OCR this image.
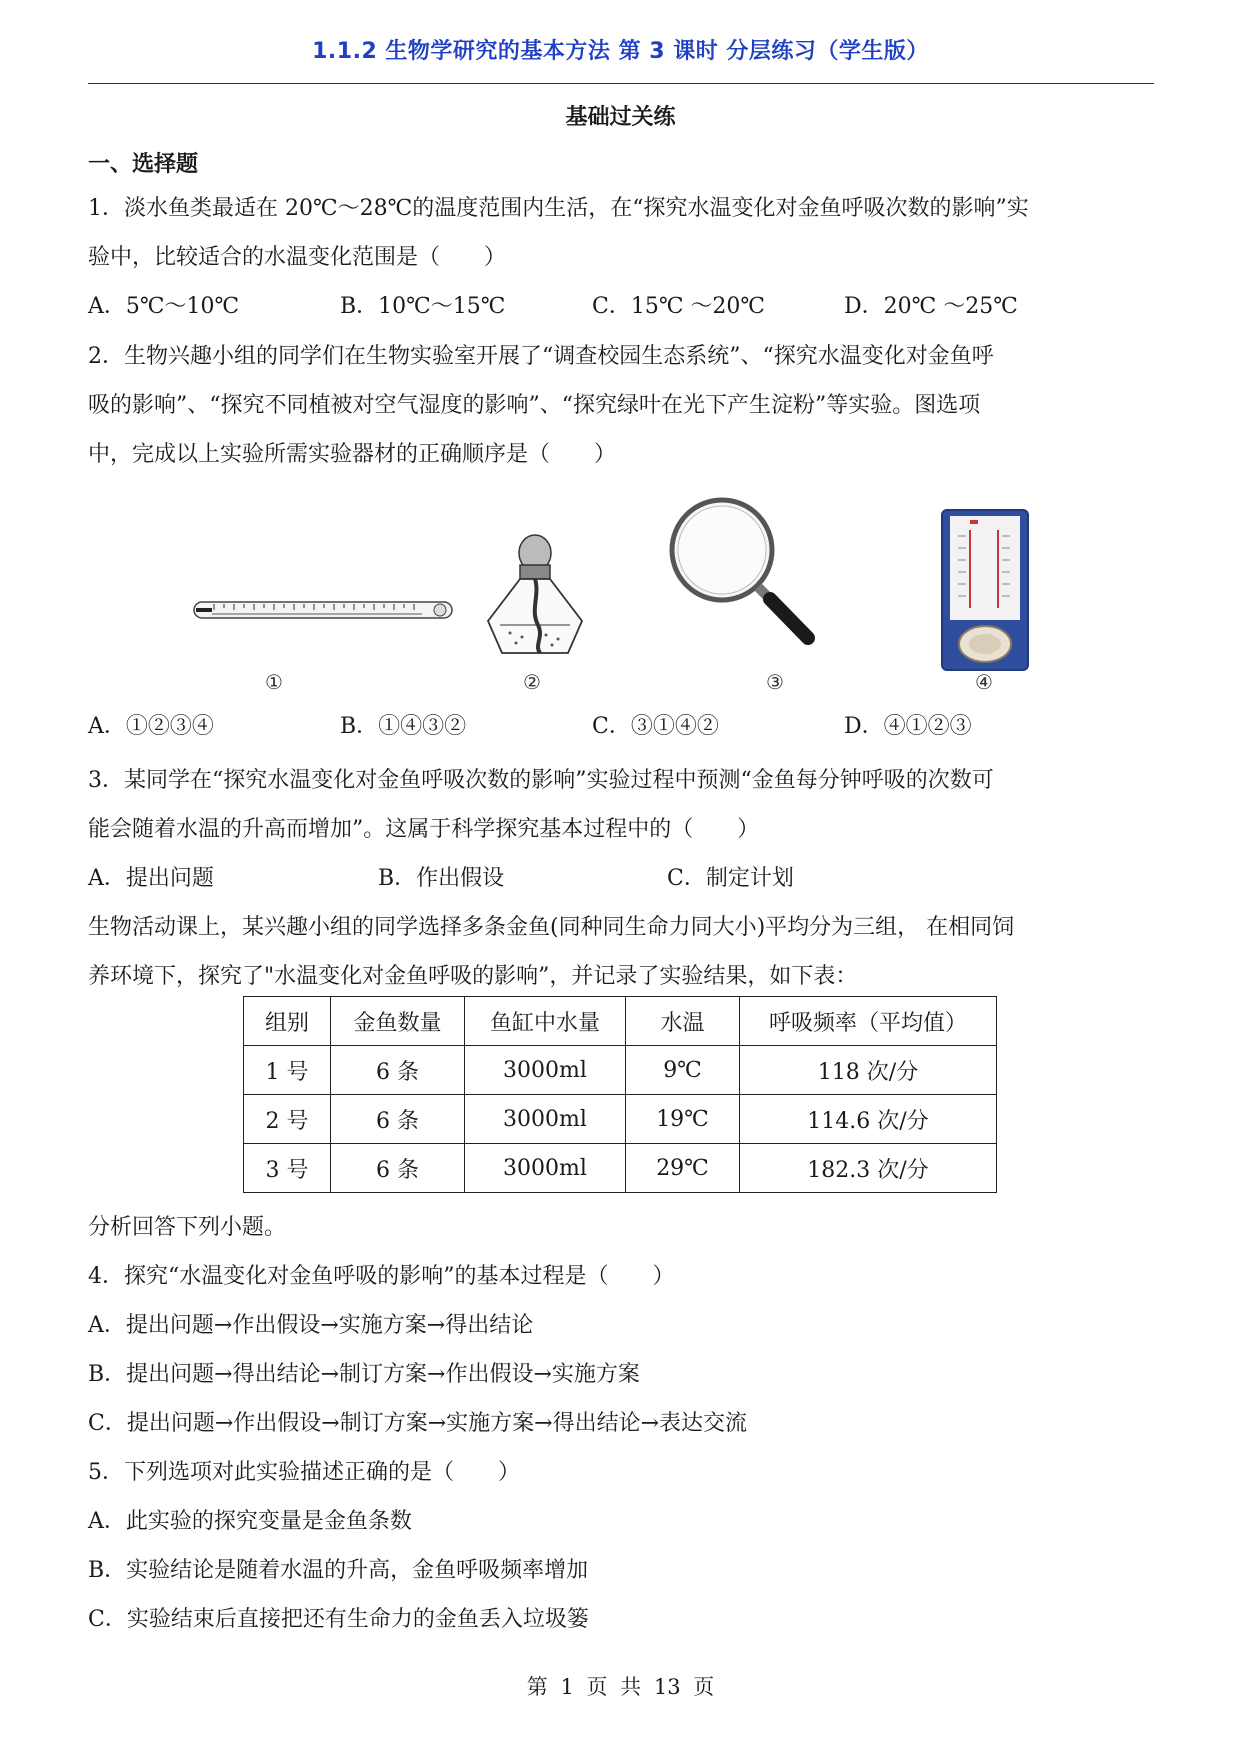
1.1.2 生物学研究的基本方法 第 3 课时 分层练习（学生版）
基础过关练
一、选择题
1．淡水鱼类最适在 20℃～28℃的温度范围内生活，在“探究水温变化对金鱼呼吸次数的影响”实
验中，比较适合的水温变化范围是（　　）
A．5℃～10℃	B．10℃～15℃	C．15℃ ～20℃	D．20℃ ～25℃
2．生物兴趣小组的同学们在生物实验室开展了“调查校园生态系统”、“探究水温变化对金鱼呼
吸的影响”、“探究不同植被对空气湿度的影响”、“探究绿叶在光下产生淀粉”等实验。图选项
中，完成以上实验所需实验器材的正确顺序是（　　）
①	②	③	④
A．①②③④	B．①④③②	C．③①④②	D．④①②③
3．某同学在“探究水温变化对金鱼呼吸次数的影响”实验过程中预测“金鱼每分钟呼吸的次数可
能会随着水温的升高而增加”。这属于科学探究基本过程中的（　　）
A．提出问题	B．作出假设	C．制定计划
生物活动课上，某兴趣小组的同学选择多条金鱼(同种同生命力同大小)平均分为三组， 在相同饲
养环境下，探究了"水温变化对金鱼呼吸的影响”，并记录了实验结果，如下表：
组别	金鱼数量	鱼缸中水量	水温	呼吸频率（平均值）
1 号	6 条	3000ml	9℃	118 次/分
2 号	6 条	3000ml	19℃	114.6 次/分
3 号	6 条	3000ml	29℃	182.3 次/分
分析回答下列小题。
4．探究“水温变化对金鱼呼吸的影响”的基本过程是（　　）
A．提出问题→作出假设→实施方案→得出结论
B．提出问题→得出结论→制订方案→作出假设→实施方案
C．提出问题→作出假设→制订方案→实施方案→得出结论→表达交流
5．下列选项对此实验描述正确的是（　　）
A．此实验的探究变量是金鱼条数
B．实验结论是随着水温的升高，金鱼呼吸频率增加
C．实验结束后直接把还有生命力的金鱼丢入垃圾篓
第 1 页 共 13 页
